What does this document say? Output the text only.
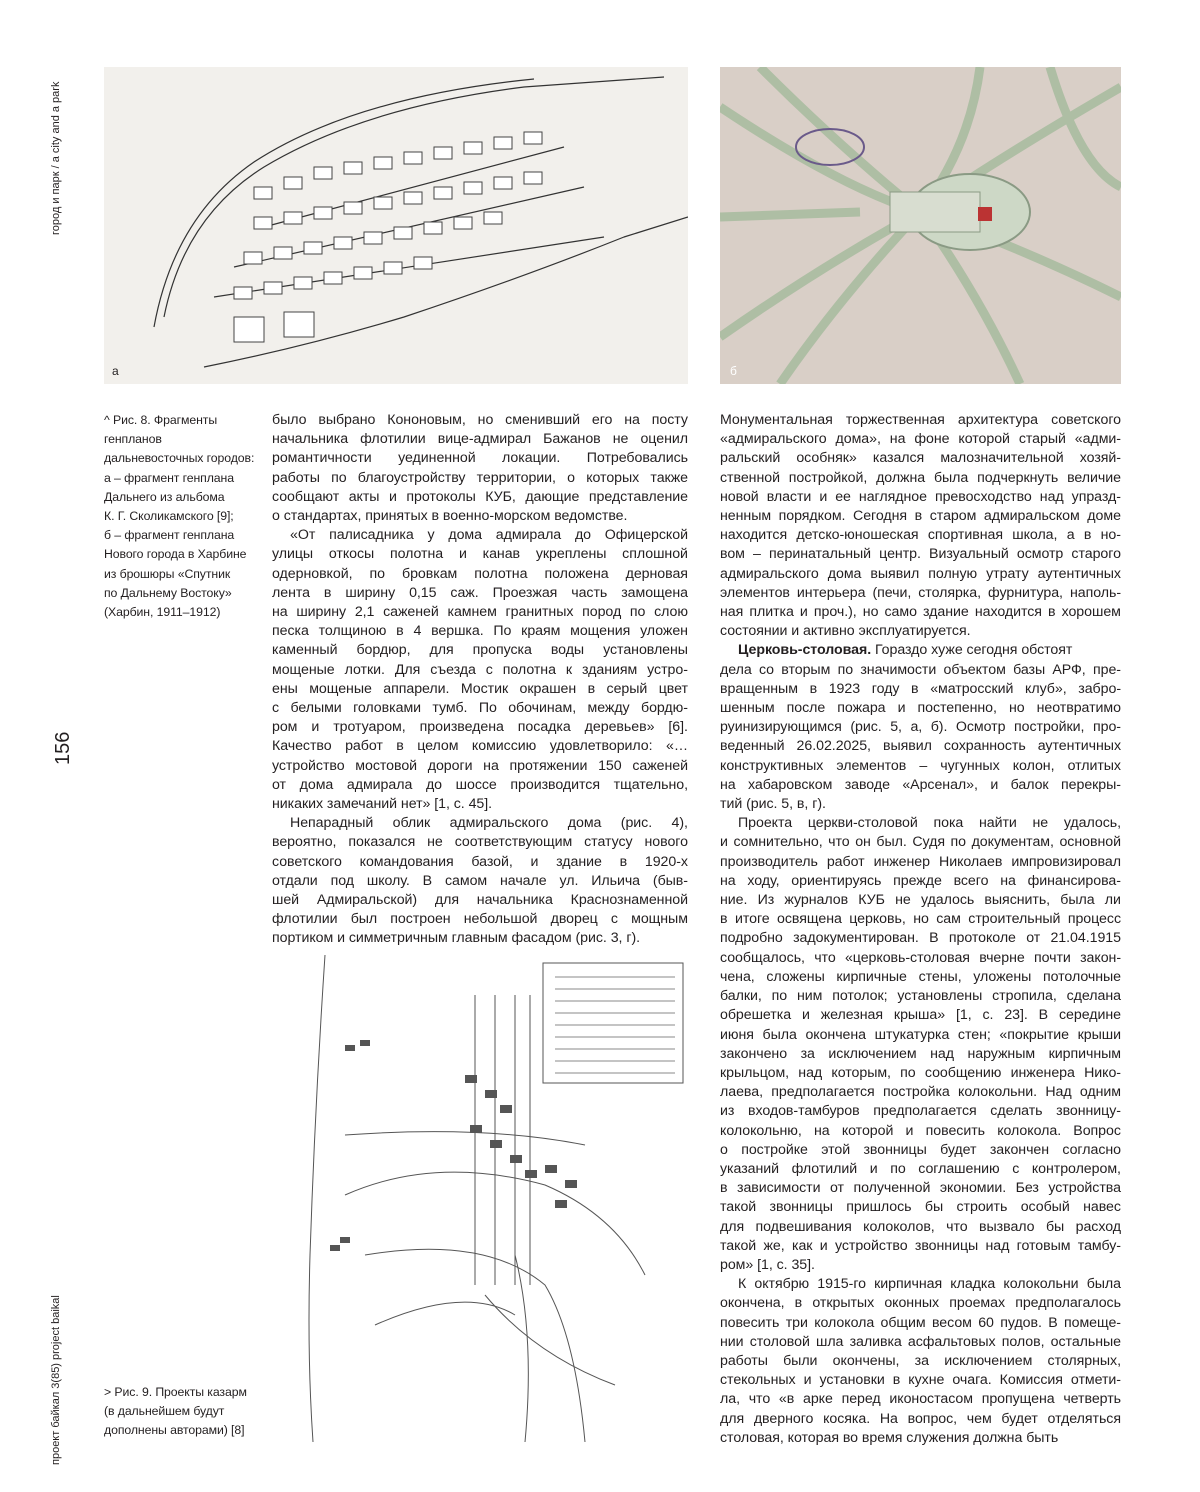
город и парк / a city and a park
156
проект байкал 3(85) project baikal
а	б
^ Рис. 8. Фрагменты
генпланов
дальневосточных городов:
а – фрагмент генплана
Дальнего из альбома
К. Г. Сколикамского [9];
б – фрагмент генплана
Нового города в Харбине
из брошюры «Спутник
по Дальнему Востоку»
(Харбин, 1911–1912)
> Рис. 9. Проекты казарм
(в дальнейшем будут
дополнены авторами) [8]
было выбрано Кононовым, но сменивший его на посту
начальника флотилии вице-адмирал Бажанов не оценил
романтичности уединенной локации. Потребовались
работы по благоустройству территории, о которых также
сообщают акты и протоколы КУБ, дающие представление
о стандартах, принятых в военно-морском ведомстве.
«От палисадника у дома адмирала до Офицерской
улицы откосы полотна и канав укреплены сплошной
одерновкой, по бровкам полотна положена дерновая
лента в ширину 0,15 саж. Проезжая часть замощена
на ширину 2,1 саженей камнем гранитных пород по слою
песка толщиною в 4 вершка. По краям мощения уложен
каменный бордюр, для пропуска воды установлены
мощеные лотки. Для съезда с полотна к зданиям устро-
ены мощеные аппарели. Мостик окрашен в серый цвет
с белыми головками тумб. По обочинам, между бордю-
ром и тротуаром, произведена посадка деревьев» [6].
Качество работ в целом комиссию удовлетворило: «…
устройство мостовой дороги на протяжении 150 саженей
от дома адмирала до шоссе производится тщательно,
никаких замечаний нет» [1, с. 45].
Непарадный облик адмиральского дома (рис. 4),
вероятно, показался не соответствующим статусу нового
советского командования базой, и здание в 1920-х
отдали под школу. В самом начале ул. Ильича (быв-
шей Адмиральской) для начальника Краснознаменной
флотилии был построен небольшой дворец с мощным
портиком и симметричным главным фасадом (рис. 3, г).
Монументальная торжественная архитектура советского
«адмиральского дома», на фоне которой старый «адми-
ральский особняк» казался малозначительной хозяй-
ственной постройкой, должна была подчеркнуть величие
новой власти и ее наглядное превосходство над упразд-
ненным порядком. Сегодня в старом адмиральском доме
находится детско-юношеская спортивная школа, а в но-
вом – перинатальный центр. Визуальный осмотр старого
адмиральского дома выявил полную утрату аутентичных
элементов интерьера (печи, столярка, фурнитура, наполь-
ная плитка и проч.), но само здание находится в хорошем
состоянии и активно эксплуатируется.
Церковь-столовая. Гораздо хуже сегодня обстоят
дела со вторым по значимости объектом базы АРФ, пре-
вращенным в 1923 году в «матросский клуб», забро-
шенным после пожара и постепенно, но неотвратимо
руинизирующимся (рис. 5, а, б). Осмотр постройки, про-
веденный 26.02.2025, выявил сохранность аутентичных
конструктивных элементов – чугунных колон, отлитых
на хабаровском заводе «Арсенал», и балок перекры-
тий (рис. 5, в, г).
Проекта церкви-столовой пока найти не удалось,
и сомнительно, что он был. Судя по документам, основной
производитель работ инженер Николаев импровизировал
на ходу, ориентируясь прежде всего на финансирова-
ние. Из журналов КУБ не удалось выяснить, была ли
в итоге освящена церковь, но сам строительный процесс
подробно задокументирован. В протоколе от 21.04.1915
сообщалось, что «церковь-столовая вчерне почти закон-
чена, сложены кирпичные стены, уложены потолочные
балки, по ним потолок; установлены стропила, сделана
обрешетка и железная крыша» [1, с. 23]. В середине
июня была окончена штукатурка стен; «покрытие крыши
закончено за исключением над наружным кирпичным
крыльцом, над которым, по сообщению инженера Нико-
лаева, предполагается постройка колокольни. Над одним
из входов-тамбуров предполагается сделать звонницу-
колокольню, на которой и повесить колокола. Вопрос
о постройке этой звонницы будет закончен согласно
указаний флотилий и по соглашению с контролером,
в зависимости от полученной экономии. Без устройства
такой звонницы пришлось бы строить особый навес
для подвешивания колоколов, что вызвало бы расход
такой же, как и устройство звонницы над готовым тамбу-
ром» [1, с. 35].
К октябрю 1915-го кирпичная кладка колокольни была
окончена, в открытых оконных проемах предполагалось
повесить три колокола общим весом 60 пудов. В помеще-
нии столовой шла заливка асфальтовых полов, остальные
работы были окончены, за исключением столярных,
стекольных и установки в кухне очага. Комиссия отмети-
ла, что «в арке перед иконостасом пропущена четверть
для дверного косяка. На вопрос, чем будет отделяться
столовая, которая во время служения должна быть
